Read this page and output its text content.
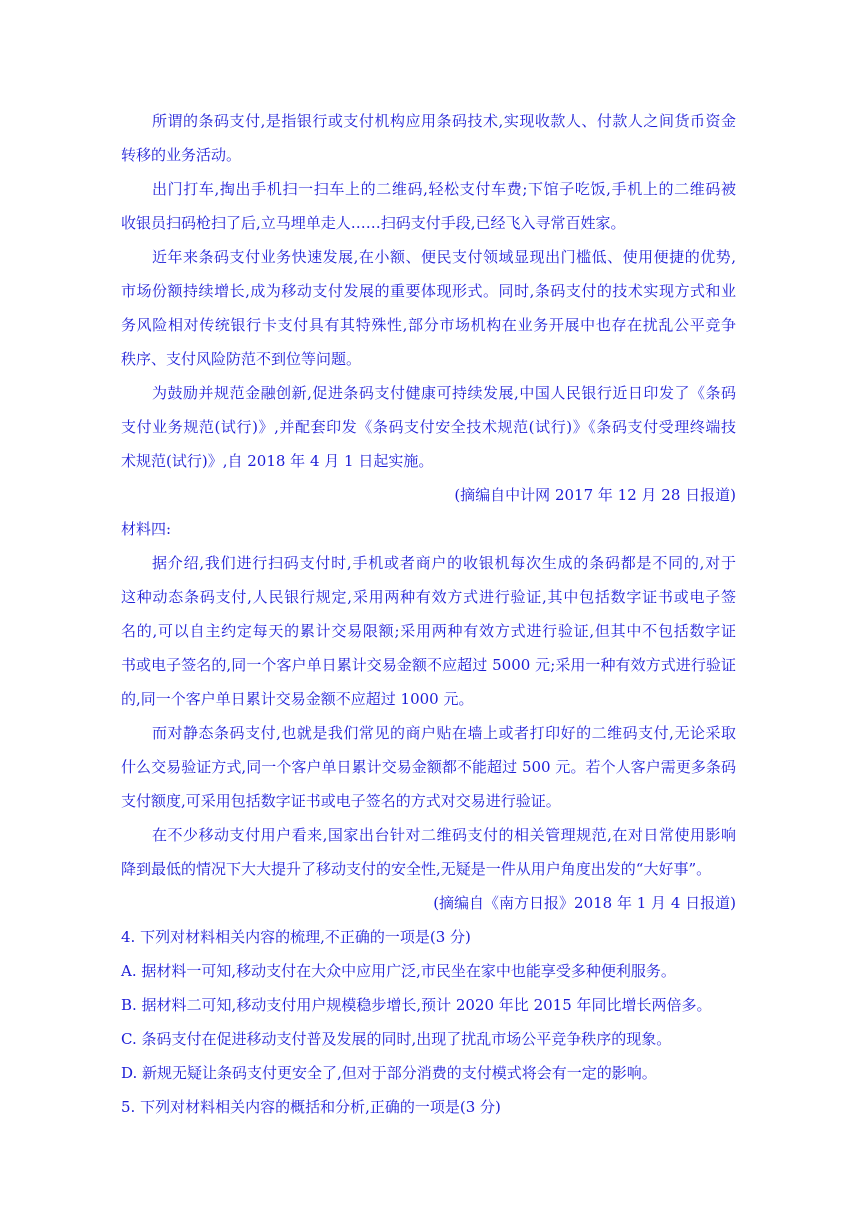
所谓的条码支付,是指银行或支付机构应用条码技术,实现收款人、付款人之间货币资金
转移的业务活动。
出门打车,掏出手机扫一扫车上的二维码,轻松支付车费;下馆子吃饭,手机上的二维码被
收银员扫码枪扫了后,立马埋单走人……扫码支付手段,已经飞入寻常百姓家。
近年来条码支付业务快速发展,在小额、便民支付领域显现出门槛低、使用便捷的优势,
市场份额持续增长,成为移动支付发展的重要体现形式。同时,条码支付的技术实现方式和业
务风险相对传统银行卡支付具有其特殊性,部分市场机构在业务开展中也存在扰乱公平竞争
秩序、支付风险防范不到位等问题。
为鼓励并规范金融创新,促进条码支付健康可持续发展,中国人民银行近日印发了《条码
支付业务规范(试行)》,并配套印发《条码支付安全技术规范(试行)》《条码支付受理终端技
术规范(试行)》,自 2018 年 4 月 1 日起实施。
(摘编自中计网 2017 年 12 月 28 日报道)
材料四:
据介绍,我们进行扫码支付时,手机或者商户的收银机每次生成的条码都是不同的,对于
这种动态条码支付,人民银行规定,采用两种有效方式进行验证,其中包括数字证书或电子签
名的,可以自主约定每天的累计交易限额;采用两种有效方式进行验证,但其中不包括数字证
书或电子签名的,同一个客户单日累计交易金额不应超过 5000 元;采用一种有效方式进行验证
的,同一个客户单日累计交易金额不应超过 1000 元。
而对静态条码支付,也就是我们常见的商户贴在墙上或者打印好的二维码支付,无论采取
什么交易验证方式,同一个客户单日累计交易金额都不能超过 500 元。若个人客户需更多条码
支付额度,可采用包括数字证书或电子签名的方式对交易进行验证。
在不少移动支付用户看来,国家出台针对二维码支付的相关管理规范,在对日常使用影响
降到最低的情况下大大提升了移动支付的安全性,无疑是一件从用户角度出发的“大好事”。
(摘编自《南方日报》2018 年 1 月 4 日报道)
4. 下列对材料相关内容的梳理,不正确的一项是(3 分)
A. 据材料一可知,移动支付在大众中应用广泛,市民坐在家中也能享受多种便利服务。
B. 据材料二可知,移动支付用户规模稳步增长,预计 2020 年比 2015 年同比增长两倍多。
C. 条码支付在促进移动支付普及发展的同时,出现了扰乱市场公平竞争秩序的现象。
D. 新规无疑让条码支付更安全了,但对于部分消费的支付模式将会有一定的影响。
5. 下列对材料相关内容的概括和分析,正确的一项是(3 分)
